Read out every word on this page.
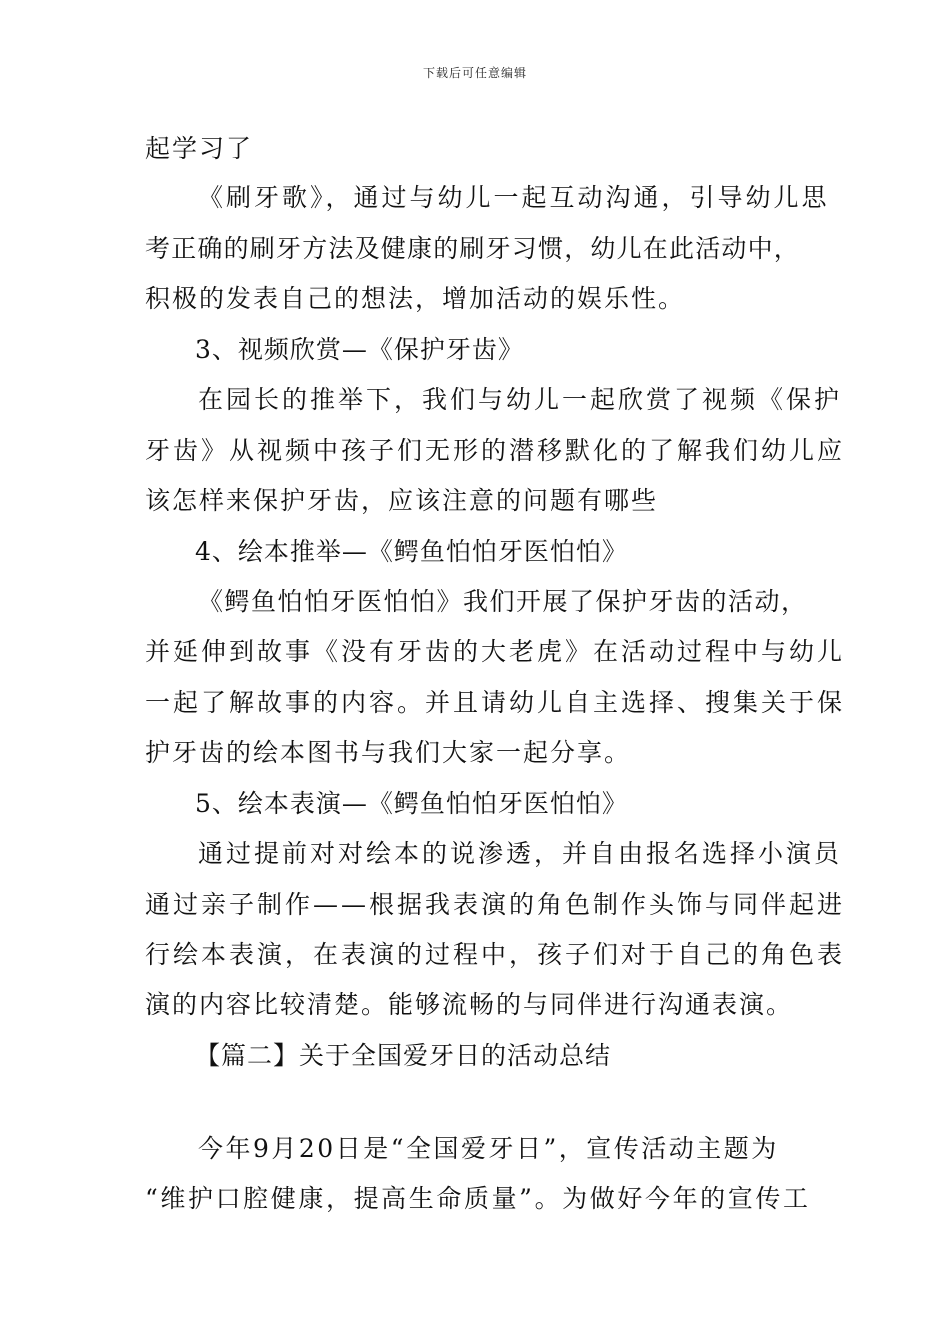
下载后可任意编辑
起学习了
《刷牙歌》，通过与幼儿一起互动沟通，引导幼儿思
考正确的刷牙方法及健康的刷牙习惯，幼儿在此活动中，
积极的发表自己的想法，增加活动的娱乐性。
3、视频欣赏—《保护牙齿》
在园长的推举下，我们与幼儿一起欣赏了视频《保护
牙齿》从视频中孩子们无形的潜移默化的了解我们幼儿应
该怎样来保护牙齿，应该注意的问题有哪些
4、绘本推举—《鳄鱼怕怕牙医怕怕》
《鳄鱼怕怕牙医怕怕》我们开展了保护牙齿的活动，
并延伸到故事《没有牙齿的大老虎》在活动过程中与幼儿
一起了解故事的内容。并且请幼儿自主选择、搜集关于保
护牙齿的绘本图书与我们大家一起分享。
5、绘本表演—《鳄鱼怕怕牙医怕怕》
通过提前对对绘本的说渗透，并自由报名选择小演员
通过亲子制作——根据我表演的角色制作头饰与同伴起进
行绘本表演，在表演的过程中，孩子们对于自己的角色表
演的内容比较清楚。能够流畅的与同伴进行沟通表演。
【篇二】关于全国爱牙日的活动总结
今年9月20日是“全国爱牙日”，宣传活动主题为
“维护口腔健康，提高生命质量”。为做好今年的宣传工
